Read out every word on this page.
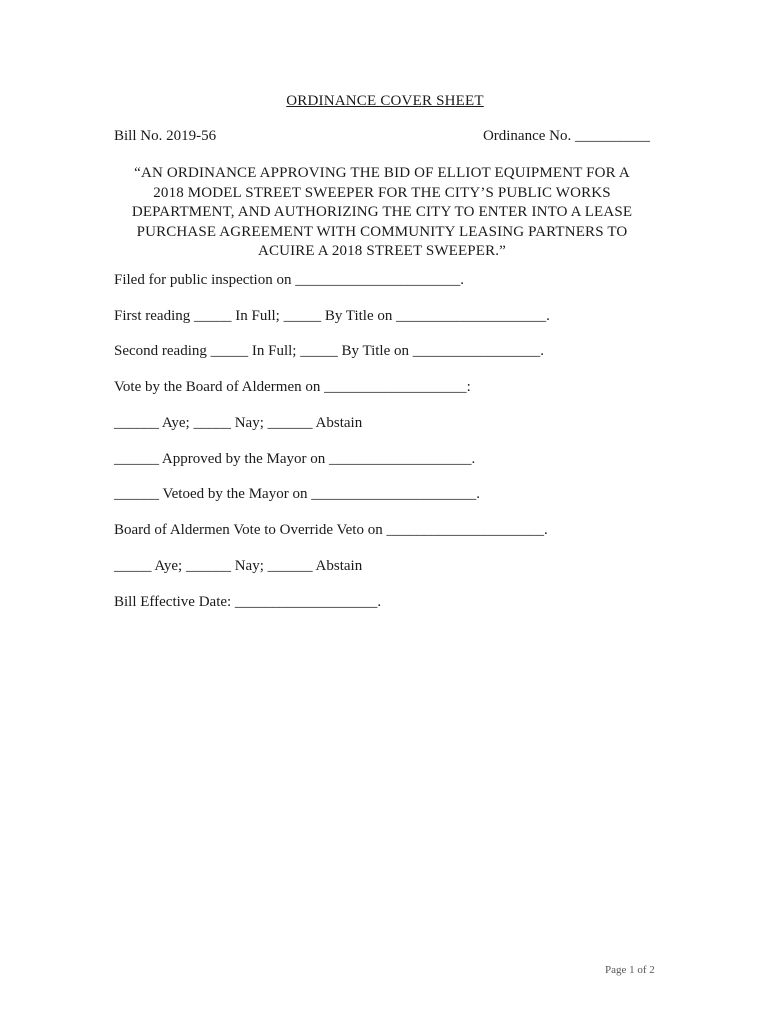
ORDINANCE COVER SHEET
Bill No. 2019-56	Ordinance No. __________
“AN ORDINANCE APPROVING THE BID OF ELLIOT EQUIPMENT FOR A
2018 MODEL STREET SWEEPER FOR THE CITY’S PUBLIC WORKS
DEPARTMENT, AND AUTHORIZING THE CITY TO ENTER INTO A LEASE
PURCHASE AGREEMENT WITH COMMUNITY LEASING PARTNERS TO
ACUIRE A 2018 STREET SWEEPER.”
Filed for public inspection on ______________________.
First reading _____ In Full; _____ By Title on ____________________.
Second reading _____ In Full; _____ By Title on _________________.
Vote by the Board of Aldermen on ___________________:
______ Aye; _____ Nay; ______ Abstain
______ Approved by the Mayor on ___________________.
______ Vetoed by the Mayor on ______________________.
Board of Aldermen Vote to Override Veto on _____________________.
_____ Aye; ______ Nay; ______ Abstain
Bill Effective Date: ___________________.
Page 1 of 2
